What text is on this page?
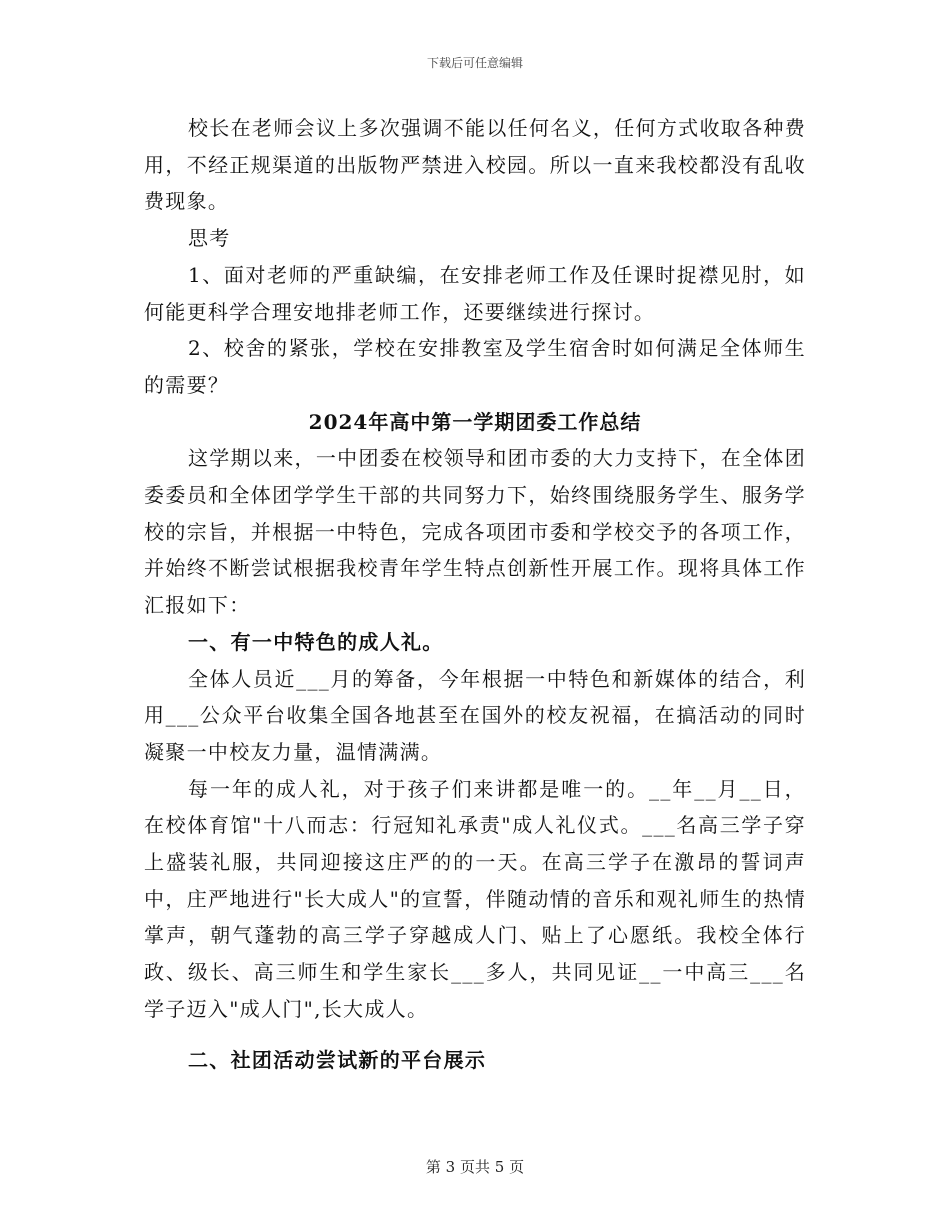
下载后可任意编辑

校长在老师会议上多次强调不能以任何名义，任何方式收取各种费用，不经正规渠道的出版物严禁进入校园。所以一直来我校都没有乱收费现象。

思考

1、面对老师的严重缺编，在安排老师工作及任课时捉襟见肘，如何能更科学合理安地排老师工作，还要继续进行探讨。

2、校舍的紧张，学校在安排教室及学生宿舍时如何满足全体师生的需要？

2024年高中第一学期团委工作总结

这学期以来，一中团委在校领导和团市委的大力支持下，在全体团委委员和全体团学学生干部的共同努力下，始终围绕服务学生、服务学校的宗旨，并根据一中特色，完成各项团市委和学校交予的各项工作，并始终不断尝试根据我校青年学生特点创新性开展工作。现将具体工作汇报如下：

一、有一中特色的成人礼。

全体人员近___月的筹备，今年根据一中特色和新媒体的结合，利用___公众平台收集全国各地甚至在国外的校友祝福，在搞活动的同时凝聚一中校友力量，温情满满。

每一年的成人礼，对于孩子们来讲都是唯一的。__年__月__日，在校体育馆"十八而志：行冠知礼承责"成人礼仪式。___名高三学子穿上盛装礼服，共同迎接这庄严的的一天。在高三学子在激昂的誓词声中，庄严地进行"长大成人"的宣誓，伴随动情的音乐和观礼师生的热情掌声，朝气蓬勃的高三学子穿越成人门、贴上了心愿纸。我校全体行政、级长、高三师生和学生家长___多人，共同见证__一中高三___名学子迈入"成人门",长大成人。

二、社团活动尝试新的平台展示

第 3 页共 5 页
